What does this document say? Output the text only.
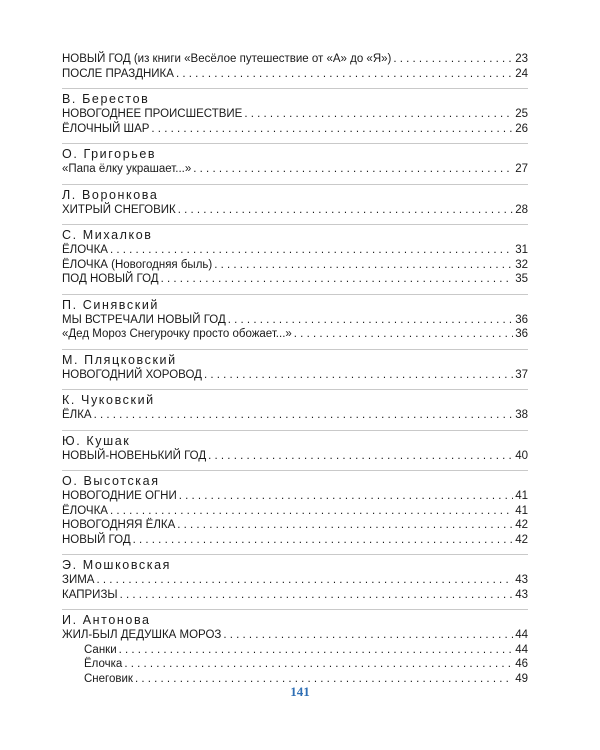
НОВЫЙ ГОД (из книги «Весёлое путешествие от «А» до «Я») . . .	23
ПОСЛЕ ПРАЗДНИКА . . .	24
В. Берестов
НОВОГОДНЕЕ ПРОИСШЕСТВИЕ . . .	25
ЁЛОЧНЫЙ ШАР . . .	26
О. Григорьев
«Папа ёлку украшает...» . . .	27
Л. Воронкова
ХИТРЫЙ СНЕГОВИК . . .	28
С. Михалков
ЁЛОЧКА . . .	31
ЁЛОЧКА (Новогодняя быль) . . .	32
ПОД НОВЫЙ ГОД . . .	35
П. Синявский
МЫ ВСТРЕЧАЛИ НОВЫЙ ГОД . . .	36
«Дед Мороз Снегурочку просто обожает...» . . .	36
М. Пляцковский
НОВОГОДНИЙ ХОРОВОД . . .	37
К. Чуковский
ЁЛКА . . .	38
Ю. Кушак
НОВЫЙ-НОВЕНЬКИЙ ГОД . . .	40
О. Высотская
НОВОГОДНИЕ ОГНИ . . .	41
ЁЛОЧКА . . .	41
НОВОГОДНЯЯ ЁЛКА . . .	42
НОВЫЙ ГОД . . .	42
Э. Мошковская
ЗИМА . . .	43
КАПРИЗЫ . . .	43
И. Антонова
ЖИЛ-БЫЛ ДЕДУШКА МОРОЗ . . .	44
Санки . . .	44
Ёлочка . . .	46
Снеговик . . .	49
141
